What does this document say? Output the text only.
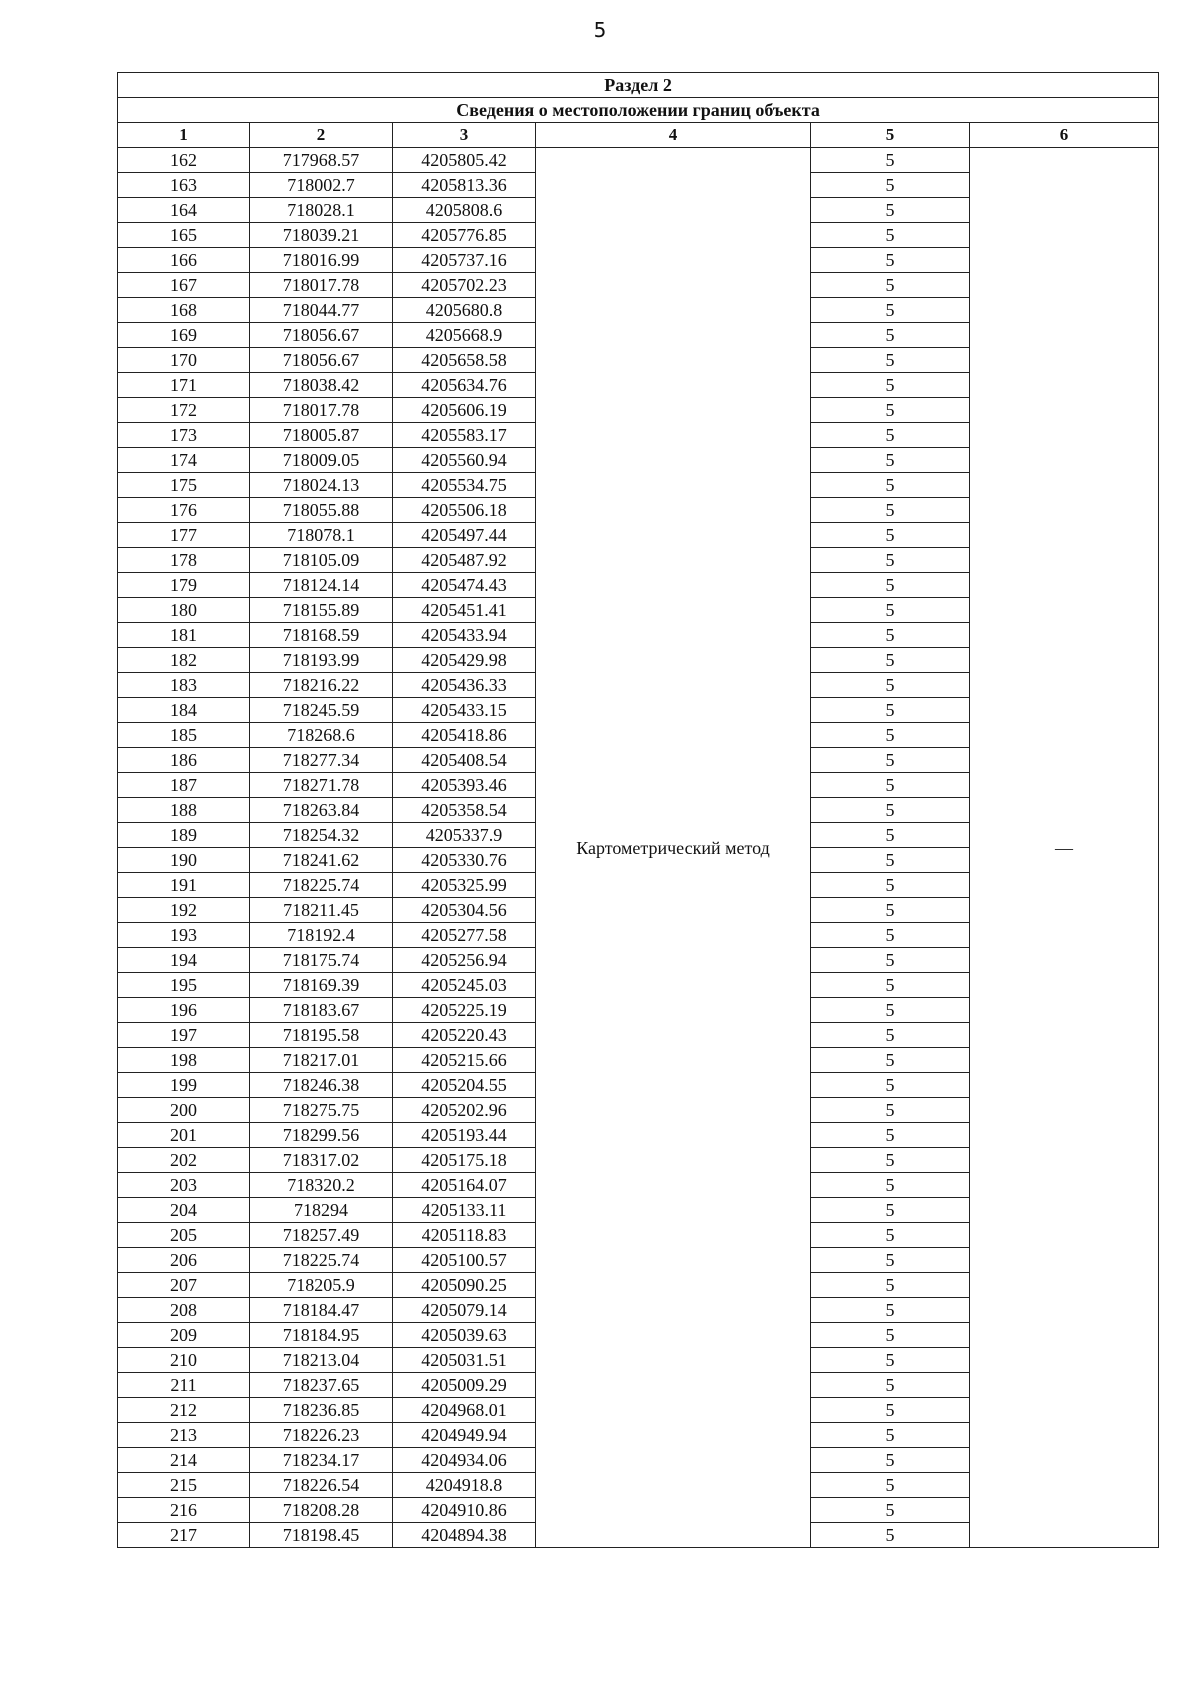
5
Раздел 2					
Сведения о местоположении границ объекта					
1	2	3	4	5	6
162	717968.57	4205805.42	Картометрический метод	5	—
163	718002.7	4205813.36		5	
164	718028.1	4205808.6		5	
165	718039.21	4205776.85		5	
166	718016.99	4205737.16		5	
167	718017.78	4205702.23		5	
168	718044.77	4205680.8		5	
169	718056.67	4205668.9		5	
170	718056.67	4205658.58		5	
171	718038.42	4205634.76		5	
172	718017.78	4205606.19		5	
173	718005.87	4205583.17		5	
174	718009.05	4205560.94		5	
175	718024.13	4205534.75		5	
176	718055.88	4205506.18		5	
177	718078.1	4205497.44		5	
178	718105.09	4205487.92		5	
179	718124.14	4205474.43		5	
180	718155.89	4205451.41		5	
181	718168.59	4205433.94		5	
182	718193.99	4205429.98		5	
183	718216.22	4205436.33		5	
184	718245.59	4205433.15		5	
185	718268.6	4205418.86		5	
186	718277.34	4205408.54		5	
187	718271.78	4205393.46		5	
188	718263.84	4205358.54		5	
189	718254.32	4205337.9		5	
190	718241.62	4205330.76		5	
191	718225.74	4205325.99		5	
192	718211.45	4205304.56		5	
193	718192.4	4205277.58		5	
194	718175.74	4205256.94		5	
195	718169.39	4205245.03		5	
196	718183.67	4205225.19		5	
197	718195.58	4205220.43		5	
198	718217.01	4205215.66		5	
199	718246.38	4205204.55		5	
200	718275.75	4205202.96		5	
201	718299.56	4205193.44		5	
202	718317.02	4205175.18		5	
203	718320.2	4205164.07		5	
204	718294	4205133.11		5	
205	718257.49	4205118.83		5	
206	718225.74	4205100.57		5	
207	718205.9	4205090.25		5	
208	718184.47	4205079.14		5	
209	718184.95	4205039.63		5	
210	718213.04	4205031.51		5	
211	718237.65	4205009.29		5	
212	718236.85	4204968.01		5	
213	718226.23	4204949.94		5	
214	718234.17	4204934.06		5	
215	718226.54	4204918.8		5	
216	718208.28	4204910.86		5	
217	718198.45	4204894.38		5	
